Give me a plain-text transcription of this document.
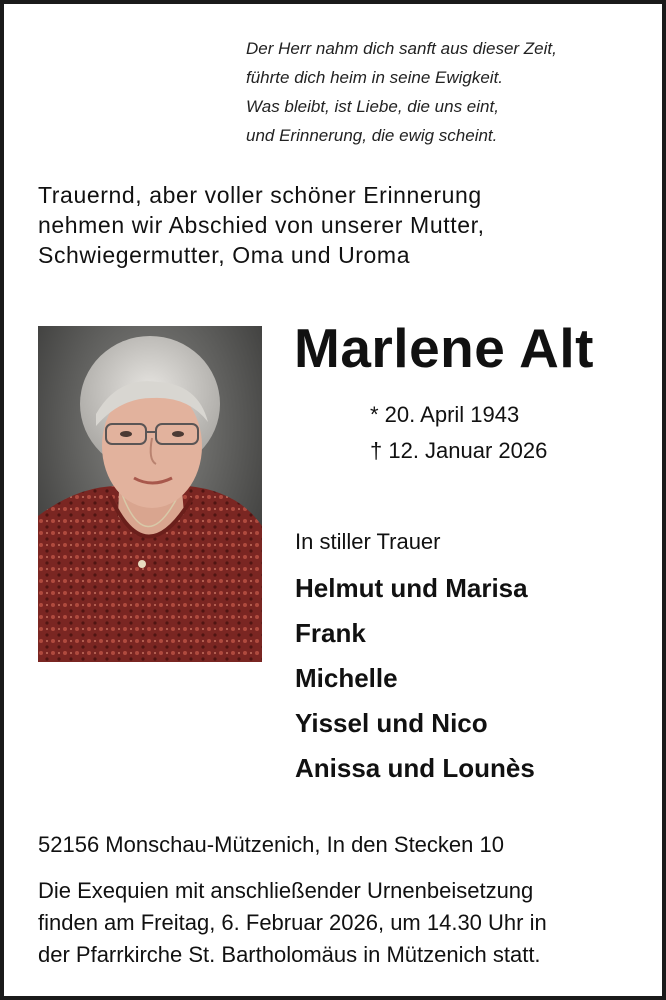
Der Herr nahm dich sanft aus dieser Zeit,
führte dich heim in seine Ewigkeit.
Was bleibt, ist Liebe, die uns eint,
und Erinnerung, die ewig scheint.
Trauernd, aber voller schöner Erinnerung
nehmen wir Abschied von unserer Mutter,
Schwiegermutter, Oma und Uroma
Marlene Alt
* 20. April 1943
† 12. Januar 2026
In stiller Trauer
Helmut und Marisa
Frank
Michelle
Yissel und Nico
Anissa und Lounès
52156 Monschau-Mützenich, In den Stecken 10
Die Exequien mit anschließender Urnenbeisetzung
finden am Freitag, 6. Februar 2026, um 14.30 Uhr in
der Pfarrkirche St. Bartholomäus in Mützenich statt.
